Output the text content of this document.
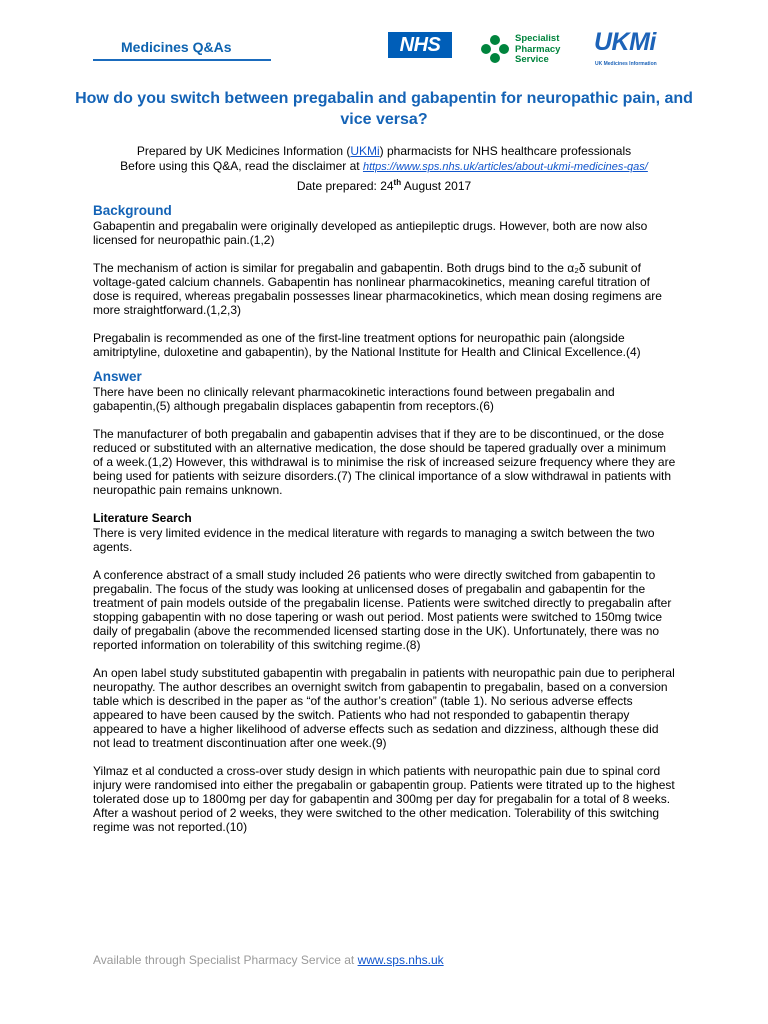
Medicines Q&As	NHS	Specialist
Pharmacy
Service
UKMi
UK Medicines Information
How do you switch between pregabalin and gabapentin for neuropathic pain, and vice versa?
Prepared by UK Medicines Information (UKMi) pharmacists for NHS healthcare professionals
Before using this Q&A, read the disclaimer at https://www.sps.nhs.uk/articles/about-ukmi-medicines-qas/
Date prepared: 24th August 2017
Background

Gabapentin and pregabalin were originally developed as antiepileptic drugs. However, both are now also licensed for neuropathic pain.(1,2)

The mechanism of action is similar for pregabalin and gabapentin. Both drugs bind to the α₂δ subunit of voltage-gated calcium channels. Gabapentin has nonlinear pharmacokinetics, meaning careful titration of dose is required, whereas pregabalin possesses linear pharmacokinetics, which mean dosing regimens are more straightforward.(1,2,3)

Pregabalin is recommended as one of the first-line treatment options for neuropathic pain (alongside amitriptyline, duloxetine and gabapentin), by the National Institute for Health and Clinical Excellence.(4)

Answer

There have been no clinically relevant pharmacokinetic interactions found between pregabalin and gabapentin,(5) although pregabalin displaces gabapentin from receptors.(6)

The manufacturer of both pregabalin and gabapentin advises that if they are to be discontinued, or the dose reduced or substituted with an alternative medication, the dose should be tapered gradually over a minimum of a week.(1,2) However, this withdrawal is to minimise the risk of increased seizure frequency where they are being used for patients with seizure disorders.(7) The clinical importance of a slow withdrawal in patients with neuropathic pain remains unknown.

Literature Search

There is very limited evidence in the medical literature with regards to managing a switch between the two agents.

A conference abstract of a small study included 26 patients who were directly switched from gabapentin to pregabalin. The focus of the study was looking at unlicensed doses of pregabalin and gabapentin for the treatment of pain models outside of the pregabalin license. Patients were switched directly to pregabalin after stopping gabapentin with no dose tapering or wash out period. Most patients were switched to 150mg twice daily of pregabalin (above the recommended licensed starting dose in the UK). Unfortunately, there was no reported information on tolerability of this switching regime.(8)

An open label study substituted gabapentin with pregabalin in patients with neuropathic pain due to peripheral neuropathy. The author describes an overnight switch from gabapentin to pregabalin, based on a conversion table which is described in the paper as “of the author’s creation” (table 1). No serious adverse effects appeared to have been caused by the switch. Patients who had not responded to gabapentin therapy appeared to have a higher likelihood of adverse effects such as sedation and dizziness, although these did not lead to treatment discontinuation after one week.(9)

Yilmaz et al conducted a cross-over study design in which patients with neuropathic pain due to spinal cord injury were randomised into either the pregabalin or gabapentin group. Patients were titrated up to the highest tolerated dose up to 1800mg per day for gabapentin and 300mg per day for pregabalin for a total of 8 weeks. After a washout period of 2 weeks, they were switched to the other medication. Tolerability of this switching regime was not reported.(10)

Available through Specialist Pharmacy Service at www.sps.nhs.uk
